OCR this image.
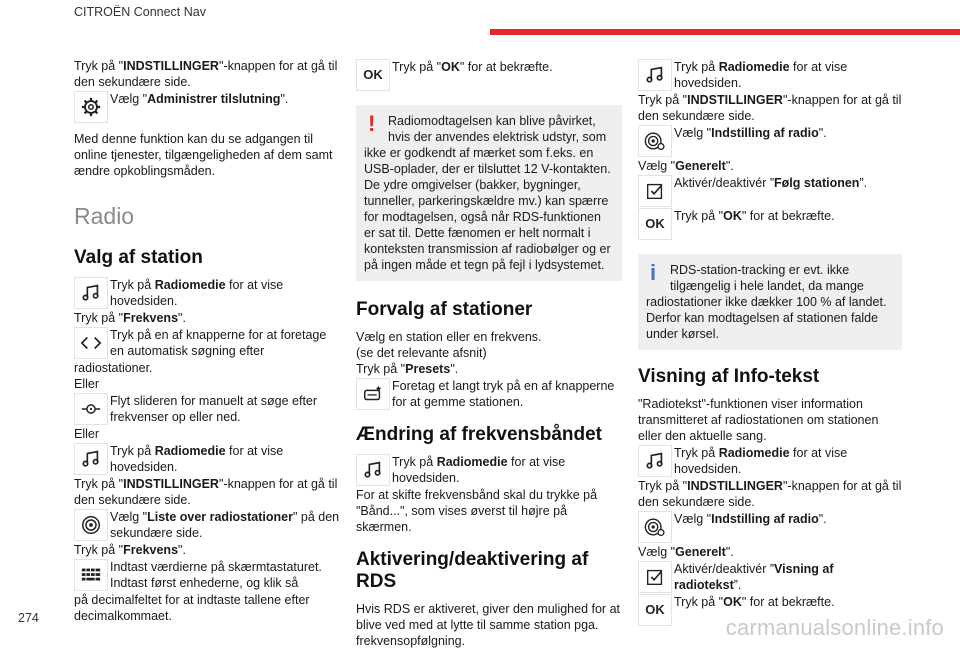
CITROËN Connect Nav

Tryk på "INDSTILLINGER"-knappen for at gå til den sekundære side.

Vælg "Administrer tilslutning".

Med denne funktion kan du se adgangen til online tjenester, tilgængeligheden af dem samt ændre opkoblingsmåden.

Radio
Valg af station
Tryk på Radiomedie for at vise hovedsiden.

Tryk på "Frekvens".

Tryk på en af knapperne for at foretage en automatisk søgning efter

radiostationer.

Eller

Flyt slideren for manuelt at søge efter frekvenser op eller ned.

Eller

Tryk på Radiomedie for at vise hovedsiden.

Tryk på "INDSTILLINGER"-knappen for at gå til den sekundære side.

Vælg "Liste over radiostationer" på den sekundære side.

Tryk på "Frekvens".

Indtast værdierne på skærmtastaturet. Indtast først enhederne, og klik så

på decimalfeltet for at indtaste tallene efter decimalkommaet.

OK Tryk på "OK" for at bekræfte.
! Radiomodtagelsen kan blive påvirket, hvis der anvendes elektrisk udstyr, som

ikke er godkendt af mærket som f.eks. en USB-oplader, der er tilsluttet 12 V-kontakten. De ydre omgivelser (bakker, bygninger, tunneller, parkeringskældre mv.) kan spærre for modtagelsen, også når RDS-funktionen er sat til. Dette fænomen er helt normalt i konteksten transmission af radiobølger og er på ingen måde et tegn på fejl i lydsystemet.

Forvalg af stationer

Vælg en station eller en frekvens.

(se det relevante afsnit)

Tryk på "Presets".

Foretag et langt tryk på en af knapperne for at gemme stationen.
Ændring af frekvensbåndet
Tryk på Radiomedie for at vise hovedsiden.

For at skifte frekvensbånd skal du trykke på "Bånd...", som vises øverst til højre på skærmen.

Aktivering/deaktivering af RDS

Hvis RDS er aktiveret, giver den mulighed for at blive ved med at lytte til samme station pga. frekvensopfølgning.

Tryk på Radiomedie for at vise hovedsiden.

Tryk på "INDSTILLINGER"-knappen for at gå til den sekundære side.

Vælg "Indstilling af radio".

Vælg "Generelt".

Aktivér/deaktivér ”Følg stationen”.
OK Tryk på "OK" for at bekræfte.
i RDS-station-tracking er evt. ikke tilgængelig i hele landet, da mange

radiostationer ikke dækker 100 % af landet. Derfor kan modtagelsen af stationen falde under kørsel.

Visning af Info-tekst

"Radiotekst"-funktionen viser information transmitteret af radiostationen om stationen eller den aktuelle sang.

Tryk på Radiomedie for at vise hovedsiden.

Tryk på "INDSTILLINGER"-knappen for at gå til den sekundære side.

Vælg "Indstilling af radio".

Vælg "Generelt".

Aktivér/deaktivér ”Visning af radiotekst”.
OK Tryk på "OK" for at bekræfte.
274	carmanualsonline.info
